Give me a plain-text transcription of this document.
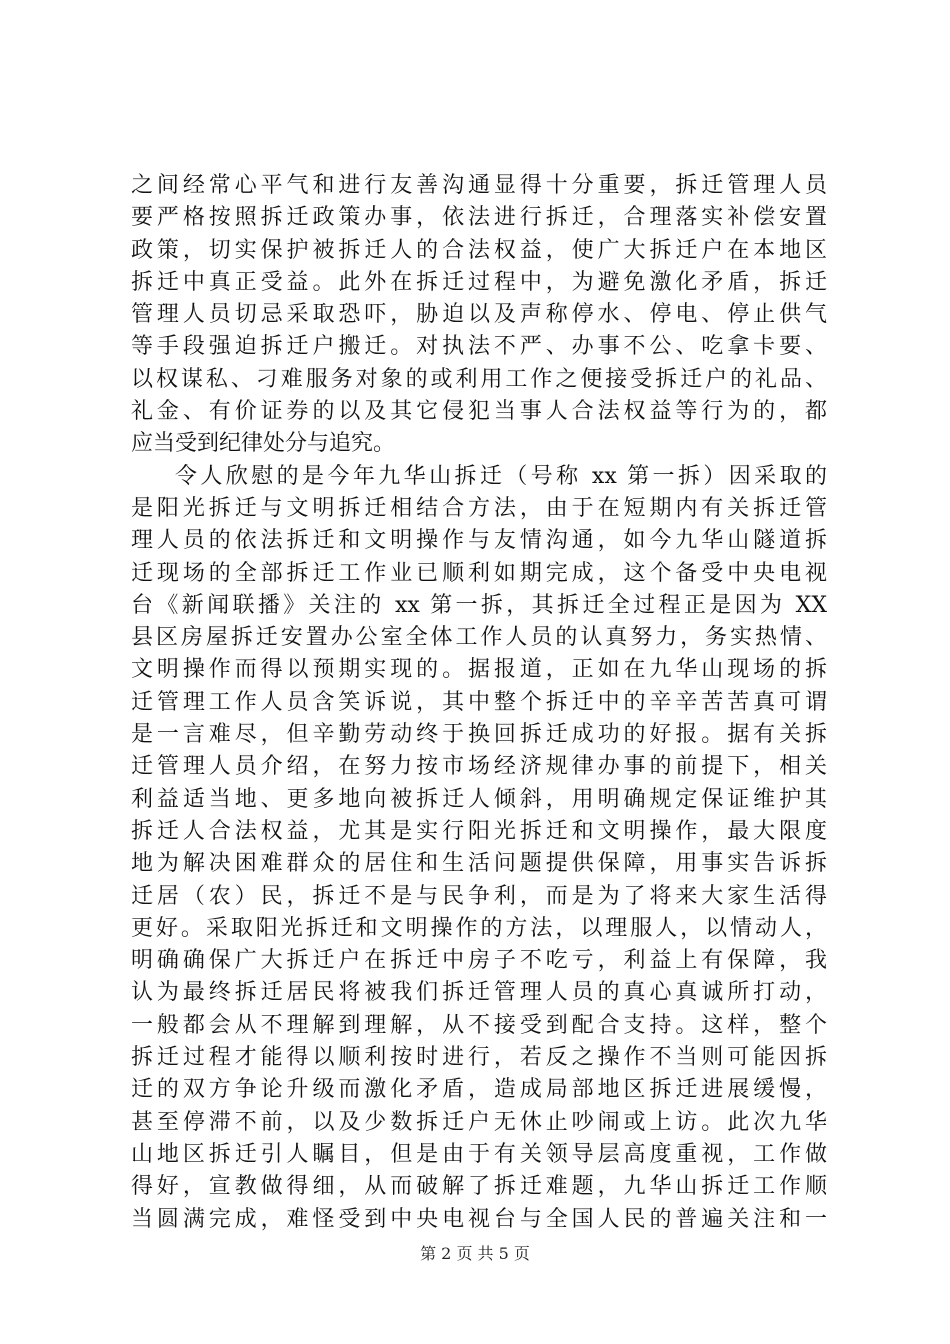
之间经常心平气和进行友善沟通显得十分重要，拆迁管理人员
要严格按照拆迁政策办事，依法进行拆迁，合理落实补偿安置
政策，切实保护被拆迁人的合法权益，使广大拆迁户在本地区
拆迁中真正受益。此外在拆迁过程中，为避免激化矛盾，拆迁
管理人员切忌采取恐吓，胁迫以及声称停水、停电、停止供气
等手段强迫拆迁户搬迁。对执法不严、办事不公、吃拿卡要、
以权谋私、刁难服务对象的或利用工作之便接受拆迁户的礼品、
礼金、有价证券的以及其它侵犯当事人合法权益等行为的，都
应当受到纪律处分与追究。
令人欣慰的是今年九华山拆迁（号称 xx 第一拆）因采取的
是阳光拆迁与文明拆迁相结合方法，由于在短期内有关拆迁管
理人员的依法拆迁和文明操作与友情沟通，如今九华山隧道拆
迁现场的全部拆迁工作业已顺利如期完成，这个备受中央电视
台《新闻联播》关注的 xx 第一拆，其拆迁全过程正是因为 XX
县区房屋拆迁安置办公室全体工作人员的认真努力，务实热情、
文明操作而得以预期实现的。据报道，正如在九华山现场的拆
迁管理工作人员含笑诉说，其中整个拆迁中的辛辛苦苦真可谓
是一言难尽，但辛勤劳动终于换回拆迁成功的好报。据有关拆
迁管理人员介绍，在努力按市场经济规律办事的前提下，相关
利益适当地、更多地向被拆迁人倾斜，用明确规定保证维护其
拆迁人合法权益，尤其是实行阳光拆迁和文明操作，最大限度
地为解决困难群众的居住和生活问题提供保障，用事实告诉拆
迁居（农）民，拆迁不是与民争利，而是为了将来大家生活得
更好。采取阳光拆迁和文明操作的方法，以理服人，以情动人，
明确确保广大拆迁户在拆迁中房子不吃亏，利益上有保障，我
认为最终拆迁居民将被我们拆迁管理人员的真心真诚所打动，
一般都会从不理解到理解，从不接受到配合支持。这样，整个
拆迁过程才能得以顺利按时进行，若反之操作不当则可能因拆
迁的双方争论升级而激化矛盾，造成局部地区拆迁进展缓慢，
甚至停滞不前，以及少数拆迁户无休止吵闹或上访。此次九华
山地区拆迁引人瞩目，但是由于有关领导层高度重视，工作做
得好，宣教做得细，从而破解了拆迁难题，九华山拆迁工作顺
当圆满完成，难怪受到中央电视台与全国人民的普遍关注和一
第 2 页 共 5 页
